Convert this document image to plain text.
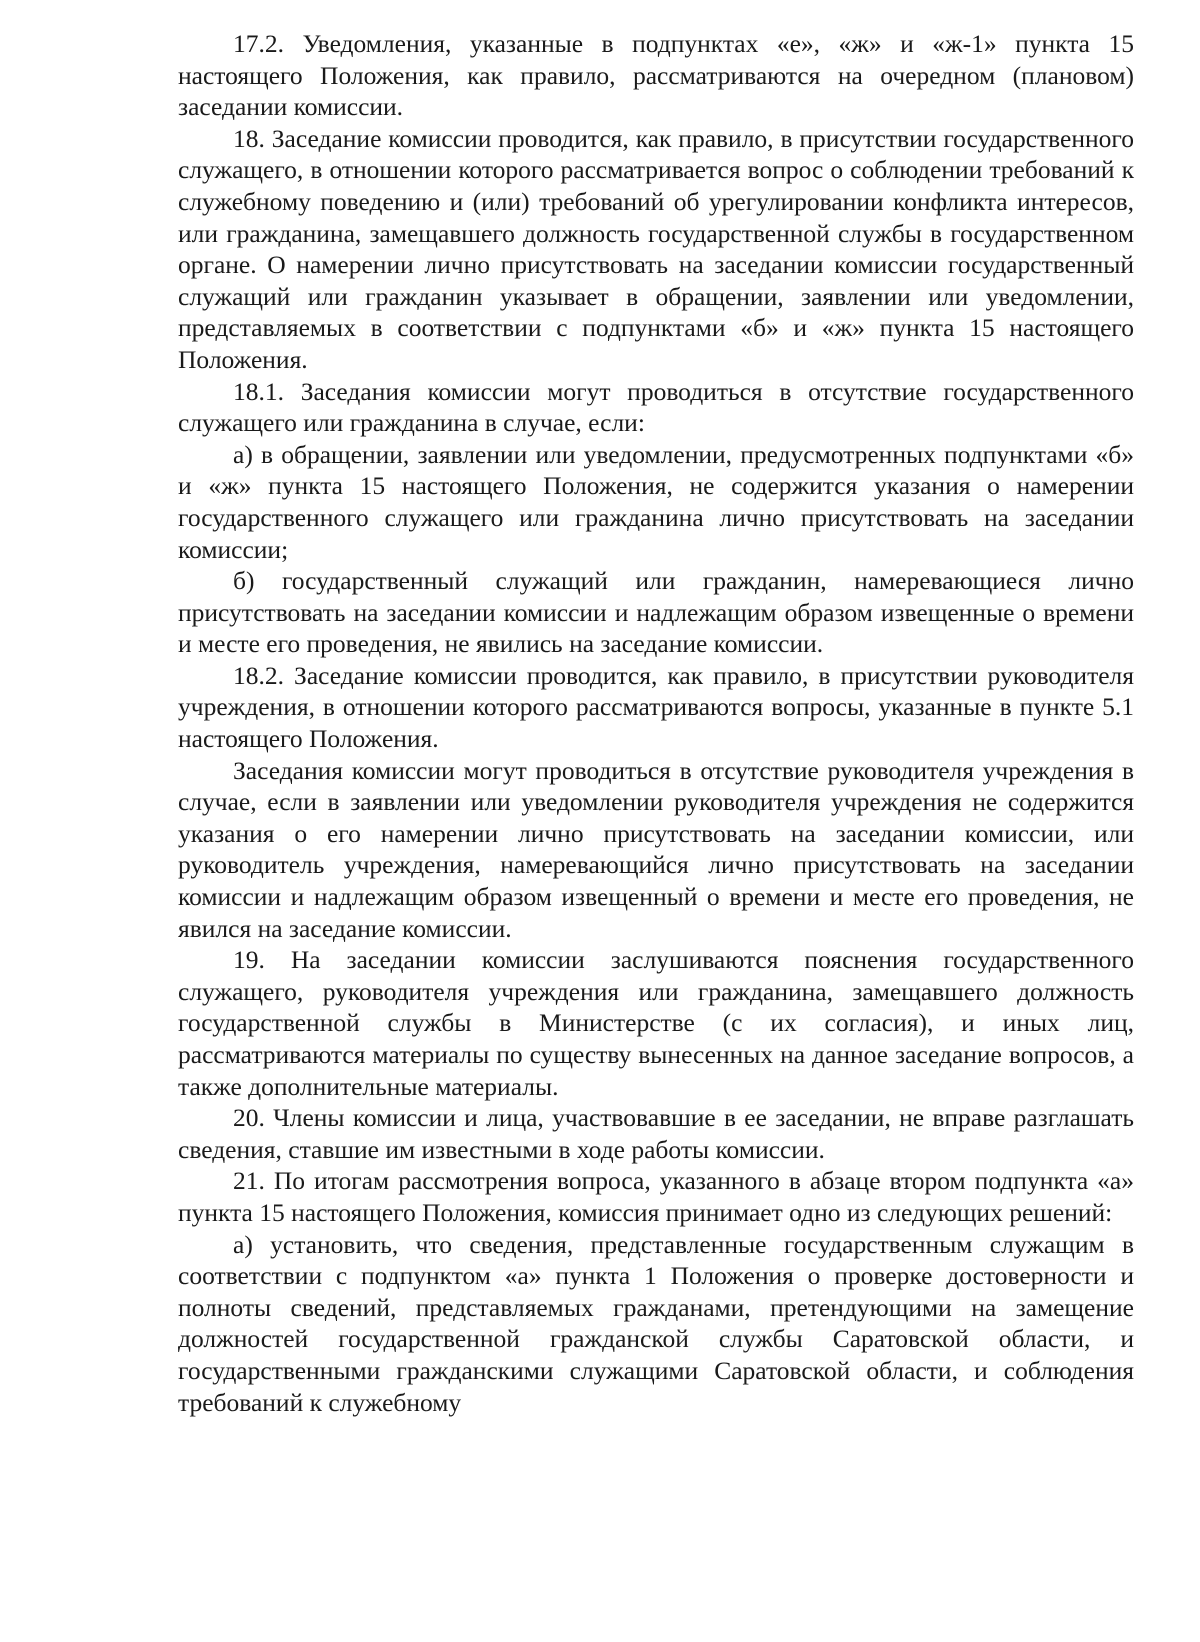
17.2. Уведомления, указанные в подпунктах «е», «ж» и «ж-1» пункта 15 настоящего Положения, как правило, рассматриваются на очередном (плановом) заседании комиссии.

18. Заседание комиссии проводится, как правило, в присутствии государственного служащего, в отношении которого рассматривается вопрос о соблюдении требований к служебному поведению и (или) требований об урегулировании конфликта интересов, или гражданина, замещавшего должность государственной службы в государственном органе. О намерении лично присутствовать на заседании комиссии государственный служащий или гражданин указывает в обращении, заявлении или уведомлении, представляемых в соответствии с подпунктами «б» и «ж» пункта 15 настоящего Положения.

18.1. Заседания комиссии могут проводиться в отсутствие государственного служащего или гражданина в случае, если:

а) в обращении, заявлении или уведомлении, предусмотренных подпунктами «б» и «ж» пункта 15 настоящего Положения, не содержится указания о намерении государственного служащего или гражданина лично присутствовать на заседании комиссии;

б) государственный служащий или гражданин, намеревающиеся лично присутствовать на заседании комиссии и надлежащим образом извещенные о времени и месте его проведения, не явились на заседание комиссии.

18.2. Заседание комиссии проводится, как правило, в присутствии руководителя учреждения, в отношении которого рассматриваются вопросы, указанные в пункте 5.1 настоящего Положения.

Заседания комиссии могут проводиться в отсутствие руководителя учреждения в случае, если в заявлении или уведомлении руководителя учреждения не содержится указания о его намерении лично присутствовать на заседании комиссии, или руководитель учреждения, намеревающийся лично присутствовать на заседании комиссии и надлежащим образом извещенный о времени и месте его проведения, не явился на заседание комиссии.

19. На заседании комиссии заслушиваются пояснения государственного служащего, руководителя учреждения или гражданина, замещавшего должность государственной службы в Министерстве (с их согласия), и иных лиц, рассматриваются материалы по существу вынесенных на данное заседание вопросов, а также дополнительные материалы.

20. Члены комиссии и лица, участвовавшие в ее заседании, не вправе разглашать сведения, ставшие им известными в ходе работы комиссии.

21. По итогам рассмотрения вопроса, указанного в абзаце втором подпункта «а» пункта 15 настоящего Положения, комиссия принимает одно из следующих решений:

а) установить, что сведения, представленные государственным служащим в соответствии с подпунктом «а» пункта 1 Положения о проверке достоверности и полноты сведений, представляемых гражданами, претендующими на замещение должностей государственной гражданской службы Саратовской области, и государственными гражданскими служащими Саратовской области, и соблюдения требований к служебному
